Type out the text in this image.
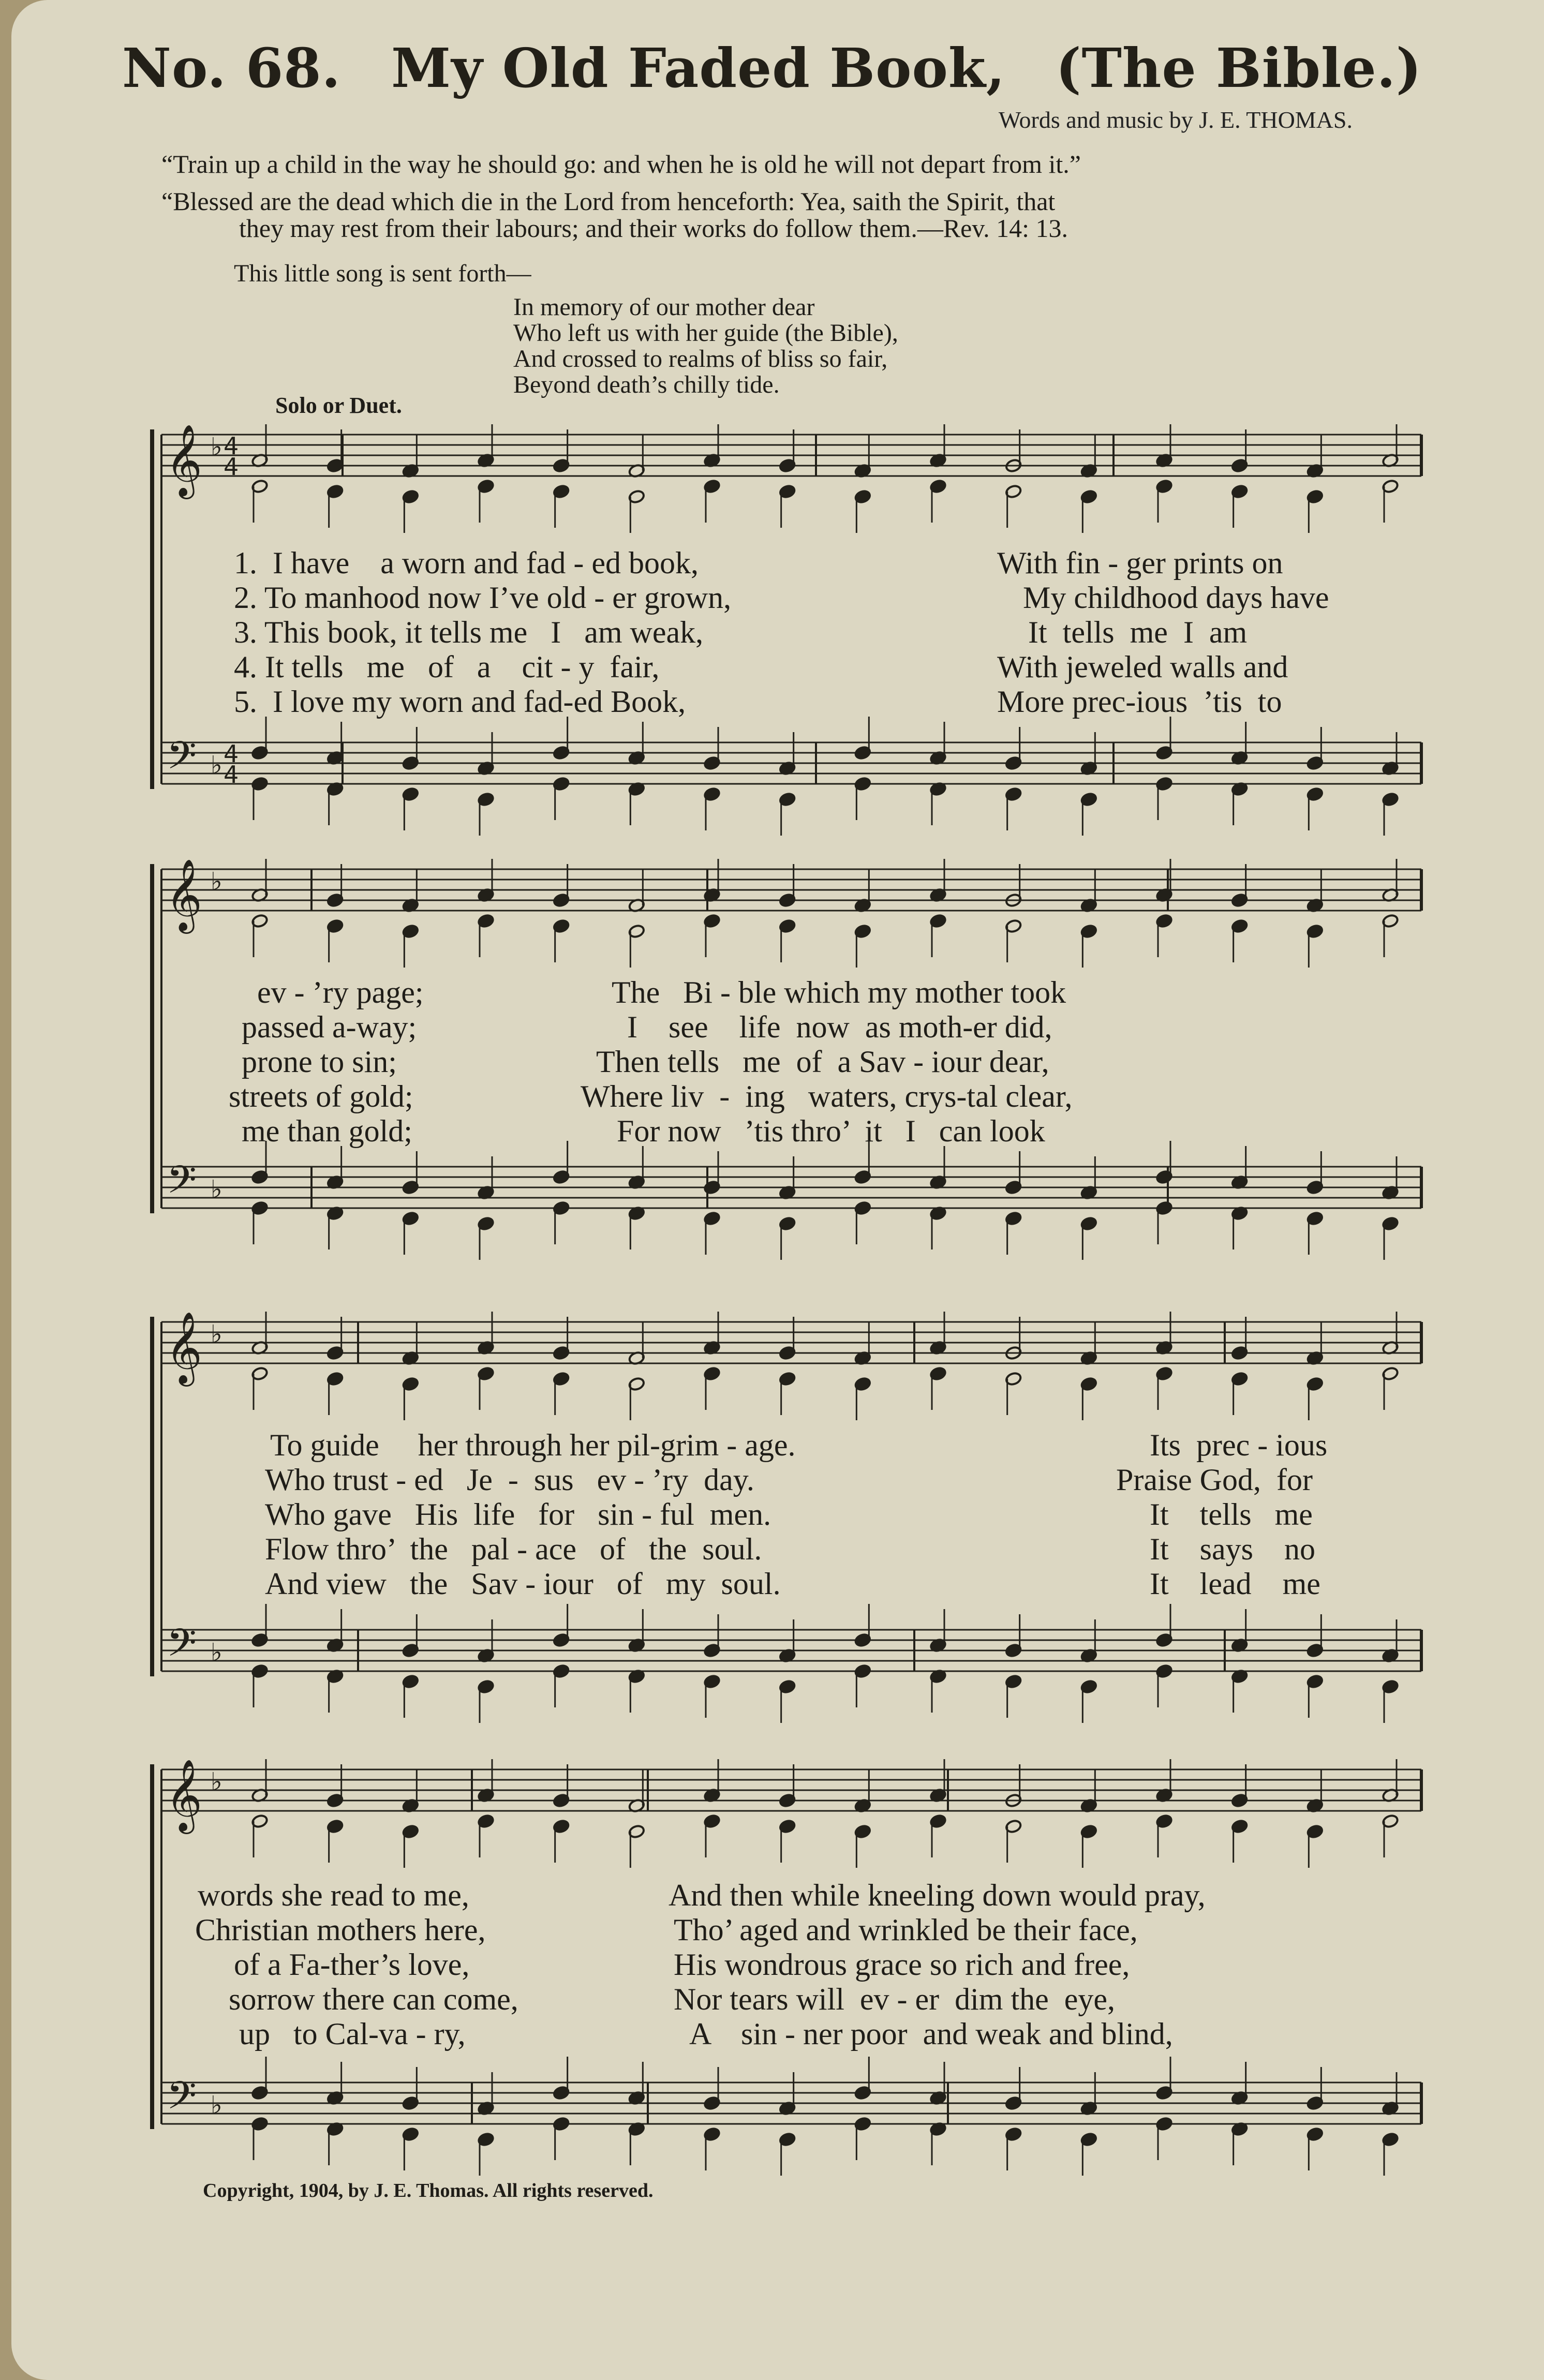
No. 68. My Old Faded Book, (The Bible.)
Words and music by J. E. THOMAS.
“Train up a child in the way he should go: and when he is old he will not depart from it.”
“Blessed are the dead which die in the Lord from henceforth: Yea, saith the Spirit, that
they may rest from their labours; and their works do follow them.—Rev. 14: 13.
This little song is sent forth—
In memory of our mother dear
Who left us with her guide (the Bible),
And crossed to realms of bliss so fair,
Beyond death’s chilly tide.
Solo or Duet.
𝄞
𝄢
♭
♭
4
4
4
4
𝄞
𝄢
♭
♭
𝄞
𝄢
♭
♭
𝄞
𝄢
♭
♭
1.  I have    a worn and fad - ed book,
2. To manhood now I’ve old - er grown,
3. This book, it tells me   I   am weak,
4. It tells   me   of   a    cit - y  fair,
5.  I love my worn and fad-ed Book,
With fin - ger prints on
My childhood days have
It  tells  me  I  am
With jeweled walls and
More prec-ious  ’tis  to
ev - ’ry page;
passed a-way;
prone to sin;
streets of gold;
me than gold;
The   Bi - ble which my mother took
I    see    life  now  as moth-er did,
Then tells   me  of  a Sav - iour dear,
Where liv  -  ing   waters, crys-tal clear,
For now   ’tis thro’  it   I   can look
To guide     her through her pil-grim - age.
Who trust - ed   Je  -  sus   ev - ’ry  day.
Who gave   His  life   for   sin - ful  men.
Flow thro’  the   pal - ace   of   the  soul.
And view   the   Sav - iour   of   my  soul.
Its  prec - ious
Praise God,  for
It    tells   me
It    says    no
It    lead    me
words she read to me,
Christian mothers here,
of a Fa-ther’s love,
sorrow there can come,
up   to Cal-va - ry,
And then while kneeling down would pray,
Tho’ aged and wrinkled be their face,
His wondrous grace so rich and free,
Nor tears will  ev - er  dim the  eye,
A    sin - ner poor  and weak and blind,
Copyright, 1904, by J. E. Thomas. All rights reserved.
